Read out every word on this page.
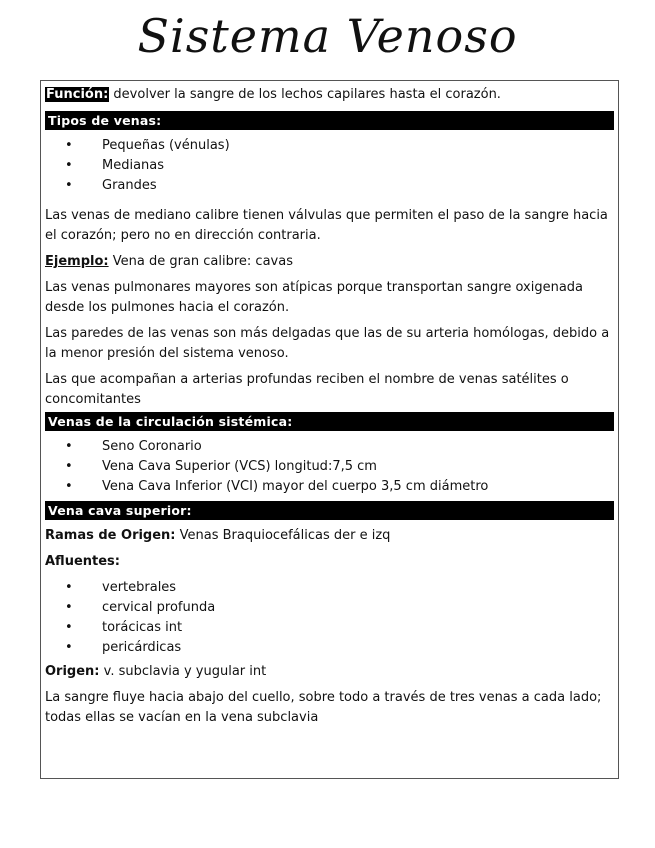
Sistema Venoso

Función: devolver la sangre de los lechos capilares hasta el corazón.

Tipos de venas:
• Pequeñas (vénulas)
• Medianas
• Grandes

Las venas de mediano calibre tienen válvulas que permiten el paso de la sangre hacia el corazón; pero no en dirección contraria.

Ejemplo: Vena de gran calibre: cavas

Las venas pulmonares mayores son atípicas porque transportan sangre oxigenada desde los pulmones hacia el corazón.

Las paredes de las venas son más delgadas que las de su arteria homólogas, debido a la menor presión del sistema venoso.

Las que acompañan a arterias profundas reciben el nombre de venas satélites o concomitantes

Venas de la circulación sistémica:
• Seno Coronario
• Vena Cava Superior (VCS) longitud:7,5 cm
• Vena Cava Inferior (VCI) mayor del cuerpo 3,5 cm diámetro
Vena cava superior:

Ramas de Origen: Venas Braquiocefálicas der e izq

Afluentes:

• vertebrales
• cervical profunda
• torácicas int
• pericárdicas

Origen: v. subclavia y yugular int

La sangre fluye hacia abajo del cuello, sobre todo a través de tres venas a cada lado; todas ellas se vacían en la vena subclavia
